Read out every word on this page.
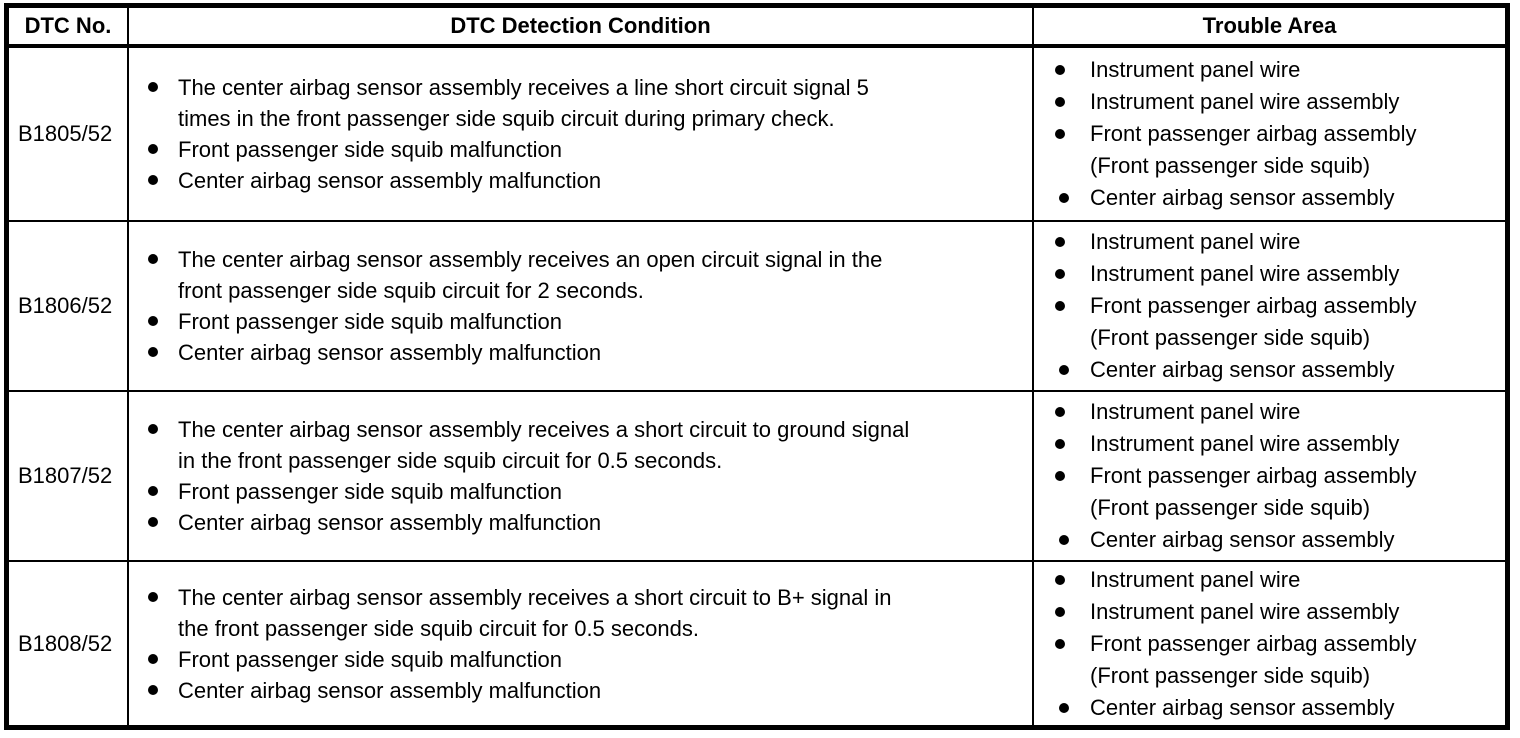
DTC No.	DTC Detection Condition	Trouble Area
B1805/52
The center airbag sensor assembly receives a line short circuit signal 5
times in the front passenger side squib circuit during primary check.
Front passenger side squib malfunction
Center airbag sensor assembly malfunction
Instrument panel wire
Instrument panel wire assembly
Front passenger airbag assembly
(Front passenger side squib)
Center airbag sensor assembly
B1806/52
The center airbag sensor assembly receives an open circuit signal in the
front passenger side squib circuit for 2 seconds.
Front passenger side squib malfunction
Center airbag sensor assembly malfunction
Instrument panel wire
Instrument panel wire assembly
Front passenger airbag assembly
(Front passenger side squib)
Center airbag sensor assembly
B1807/52
The center airbag sensor assembly receives a short circuit to ground signal
in the front passenger side squib circuit for 0.5 seconds.
Front passenger side squib malfunction
Center airbag sensor assembly malfunction
Instrument panel wire
Instrument panel wire assembly
Front passenger airbag assembly
(Front passenger side squib)
Center airbag sensor assembly
B1808/52
The center airbag sensor assembly receives a short circuit to B+ signal in
the front passenger side squib circuit for 0.5 seconds.
Front passenger side squib malfunction
Center airbag sensor assembly malfunction
Instrument panel wire
Instrument panel wire assembly
Front passenger airbag assembly
(Front passenger side squib)
Center airbag sensor assembly
